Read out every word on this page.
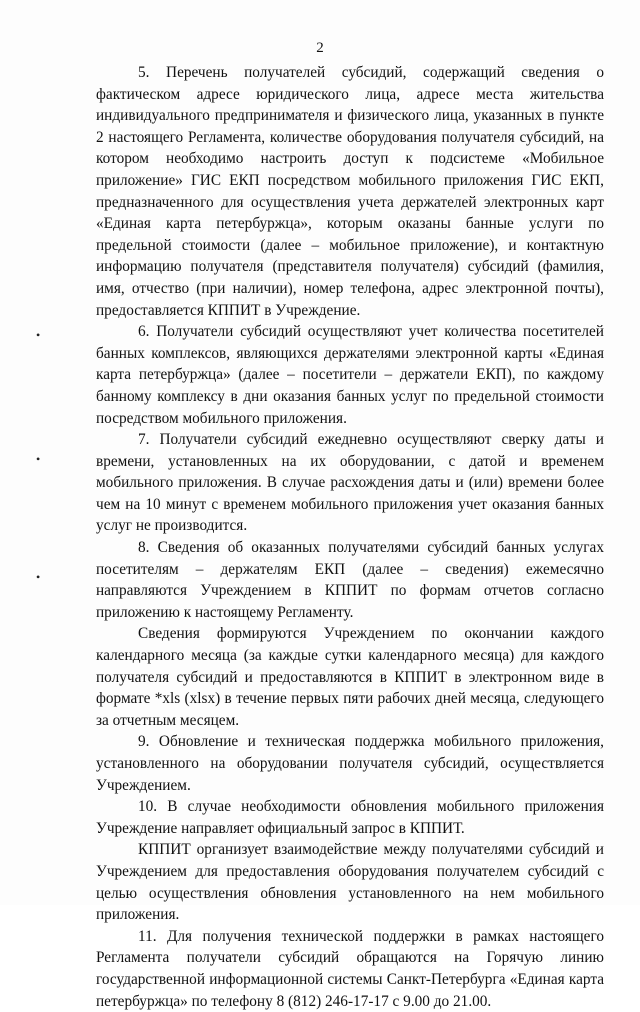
2
•
•
•

5. Перечень получателей субсидий, содержащий сведения о фактическом адресе юридического лица, адресе места жительства индивидуального предпринимателя и физического лица, указанных в пункте 2 настоящего Регламента, количестве оборудования получателя субсидий, на котором необходимо настроить доступ к подсистеме «Мобильное приложение» ГИС ЕКП посредством мобильного приложения ГИС ЕКП, предназначенного для осуществления учета держателей электронных карт «Единая карта петербуржца», которым оказаны банные услуги по предельной стоимости (далее – мобильное приложение), и контактную информацию получателя (представителя получателя) субсидий (фамилия, имя, отчество (при наличии), номер телефона, адрес электронной почты), предоставляется КППИТ в Учреждение.

6. Получатели субсидий осуществляют учет количества посетителей банных комплексов, являющихся держателями электронной карты «Единая карта петербуржца» (далее – посетители – держатели ЕКП), по каждому банному комплексу в дни оказания банных услуг по предельной стоимости посредством мобильного приложения.

7. Получатели субсидий ежедневно осуществляют сверку даты и времени, установленных на их оборудовании, с датой и временем мобильного приложения. В случае расхождения даты и (или) времени более чем на 10 минут с временем мобильного приложения учет оказания банных услуг не производится.

8. Сведения об оказанных получателями субсидий банных услугах посетителям – держателям ЕКП (далее – сведения) ежемесячно направляются Учреждением в КППИТ по формам отчетов согласно приложению к настоящему Регламенту.

Сведения формируются Учреждением по окончании каждого календарного месяца (за каждые сутки календарного месяца) для каждого получателя субсидий и предоставляются в КППИТ в электронном виде в формате *xls (xlsx) в течение первых пяти рабочих дней месяца, следующего за отчетным месяцем.

9. Обновление и техническая поддержка мобильного приложения, установленного на оборудовании получателя субсидий, осуществляется Учреждением.

10. В случае необходимости обновления мобильного приложения Учреждение направляет официальный запрос в КППИТ.

КППИТ организует взаимодействие между получателями субсидий и Учреждением для предоставления оборудования получателем субсидий с целью осуществления обновления установленного на нем мобильного приложения.

11. Для получения технической поддержки в рамках настоящего Регламента получатели субсидий обращаются на Горячую линию государственной информационной системы Санкт-Петербурга «Единая карта петербуржца» по телефону 8 (812) 246-17-17 с 9.00 до 21.00.
